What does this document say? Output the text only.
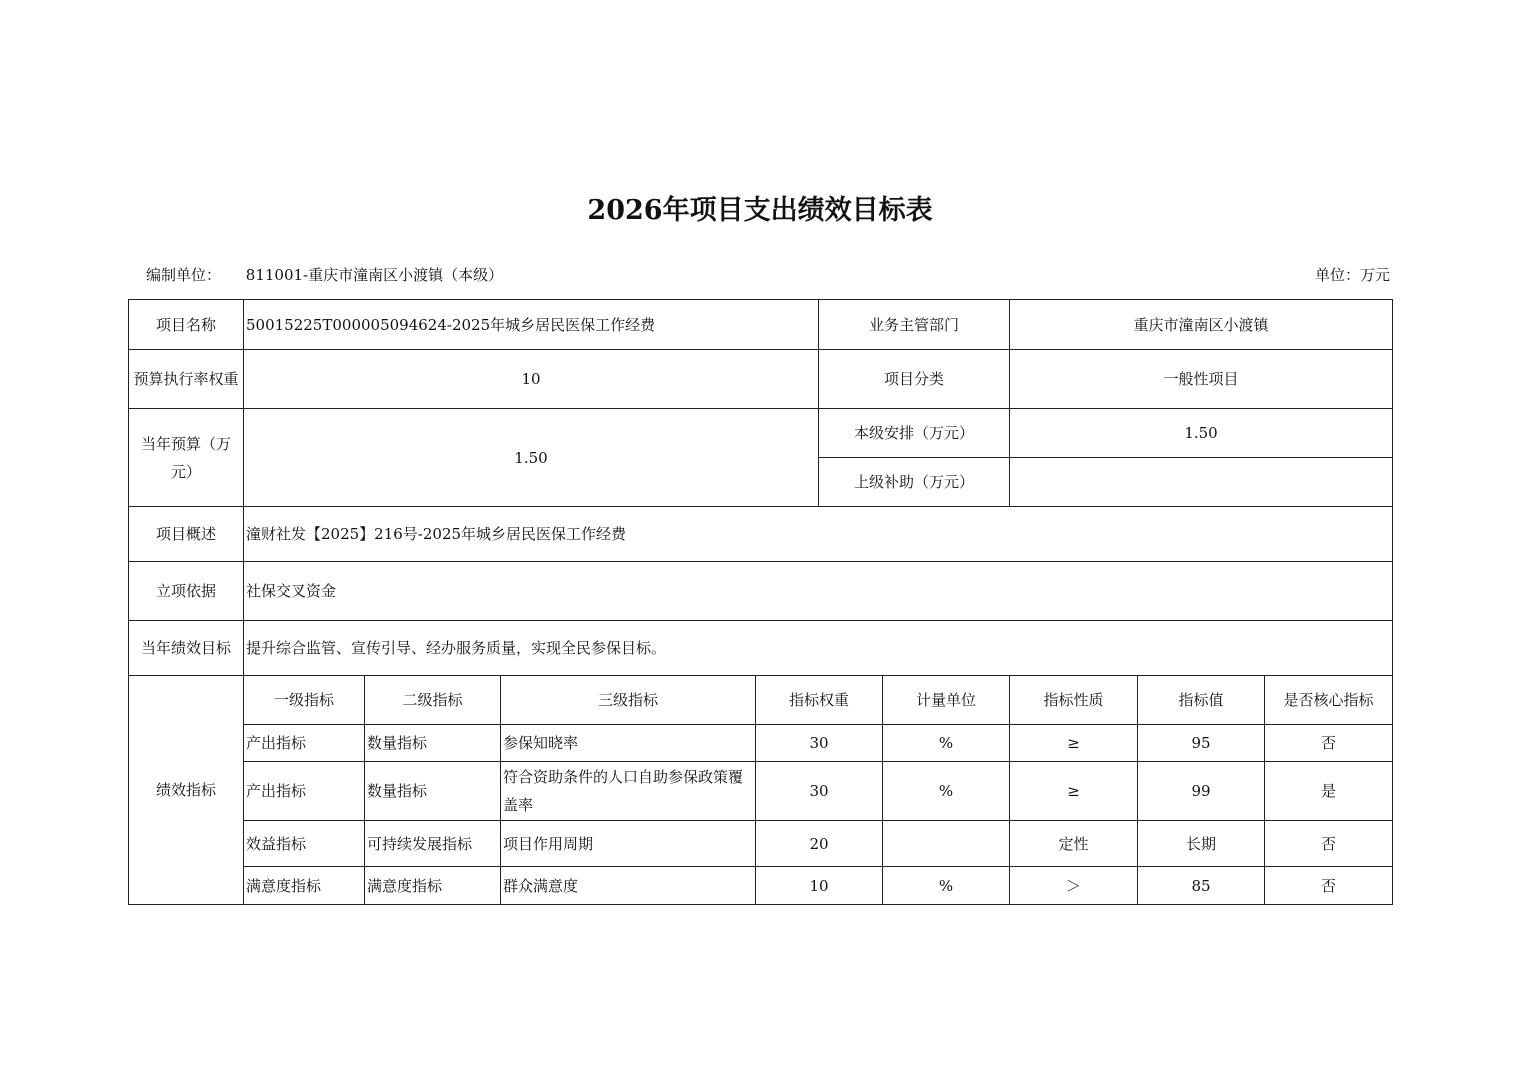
2026年项目支出绩效目标表
编制单位： 811001-重庆市潼南区小渡镇（本级）	单位：万元
项目名称	50015225T000005094624-2025年城乡居民医保工作经费				业务主管部门		重庆市潼南区小渡镇		
预算执行率权重	10				项目分类		一般性项目		
当年预算（万元）	1.50				本级安排（万元）		1.50		
					上级补助（万元）				
项目概述	潼财社发【2025】216号-2025年城乡居民医保工作经费								
立项依据	社保交叉资金								
当年绩效目标	提升综合监管、宣传引导、经办服务质量，实现全民参保目标。								
绩效指标	一级指标	二级指标	三级指标	指标权重		计量单位	指标性质	指标值	是否核心指标
	产出指标	数量指标	参保知晓率	30		%	≥	95	否
	产出指标	数量指标	符合资助条件的人口自助参保政策覆盖率	30		%	≥	99	是
	效益指标	可持续发展指标	项目作用周期	20			定性	长期	否
	满意度指标	满意度指标	群众满意度	10		%	＞	85	否
